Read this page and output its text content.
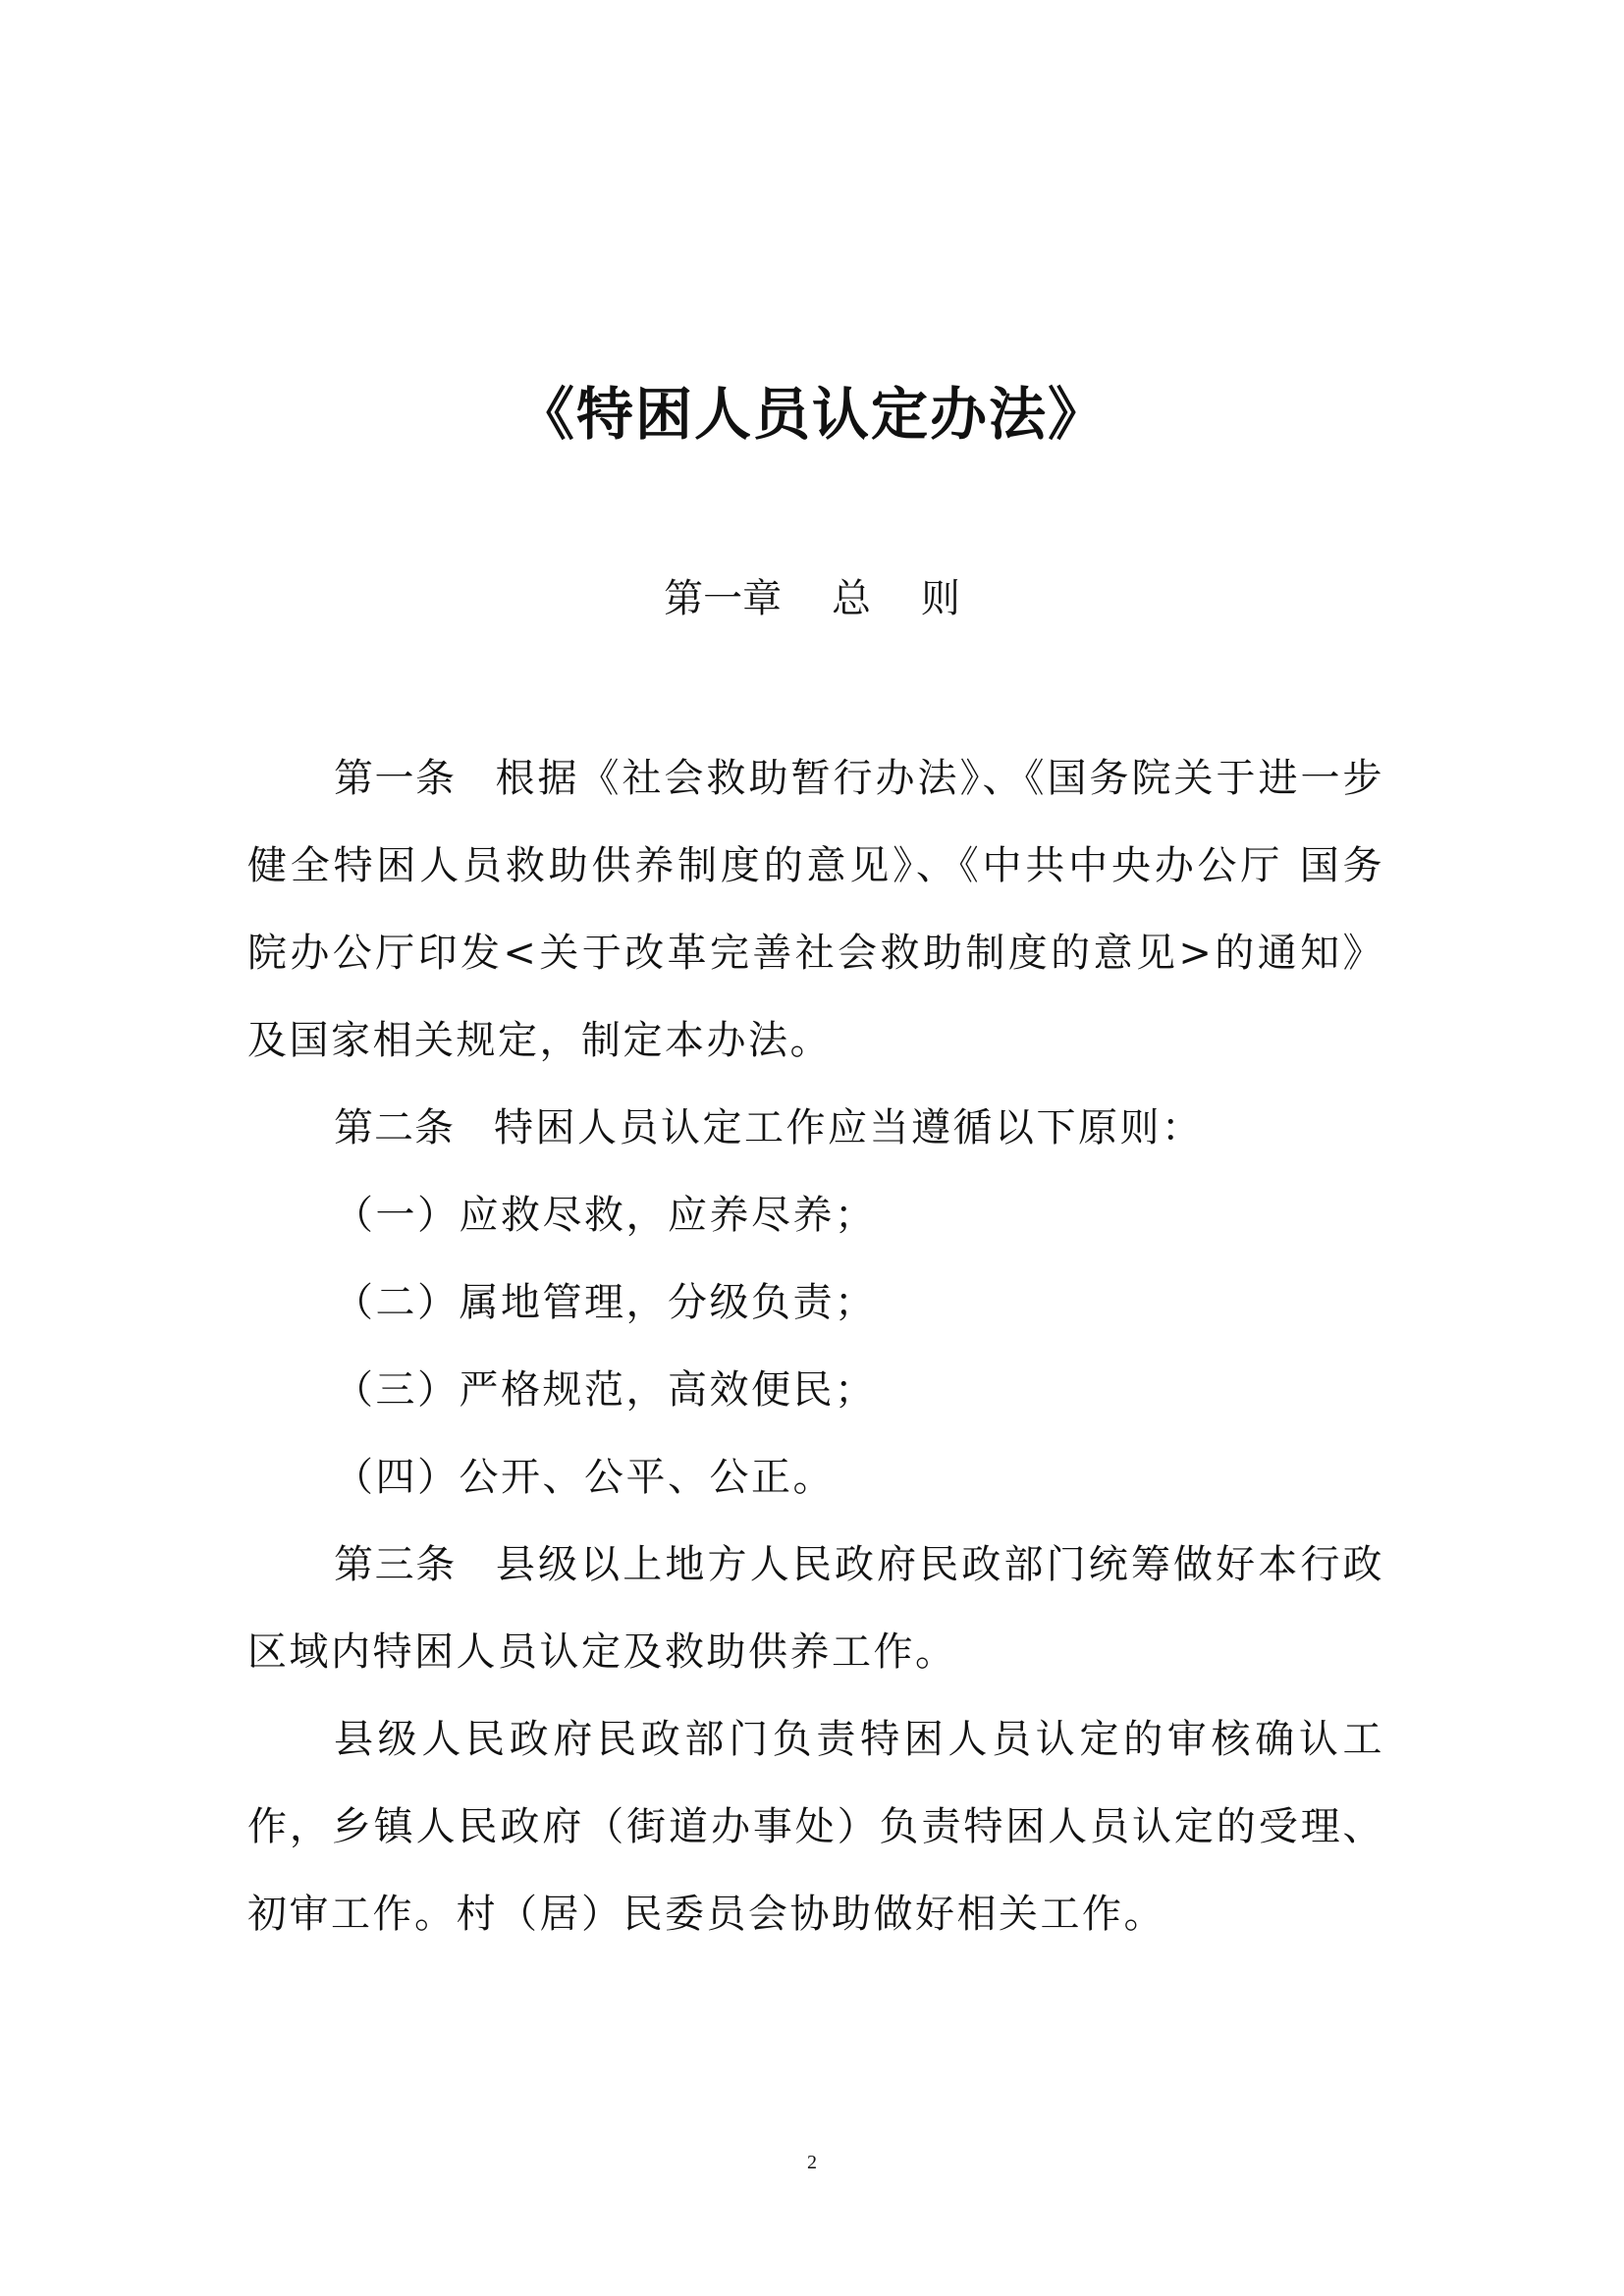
《特困人员认定办法》
第一章    总    则

第一条 根据《社会救助暂行办法》、《国务院关于进一步健全特困人员救助供养制度的意见》、《中共中央办公厅 国务院办公厅印发<关于改革完善社会救助制度的意见>的通知》及国家相关规定，制定本办法。

第二条 特困人员认定工作应当遵循以下原则：

（一）应救尽救，应养尽养；

（二）属地管理，分级负责；

（三）严格规范，高效便民；

（四）公开、公平、公正。

第三条 县级以上地方人民政府民政部门统筹做好本行政区域内特困人员认定及救助供养工作。

县级人民政府民政部门负责特困人员认定的审核确认工作，乡镇人民政府（街道办事处）负责特困人员认定的受理、初审工作。村（居）民委员会协助做好相关工作。

2
